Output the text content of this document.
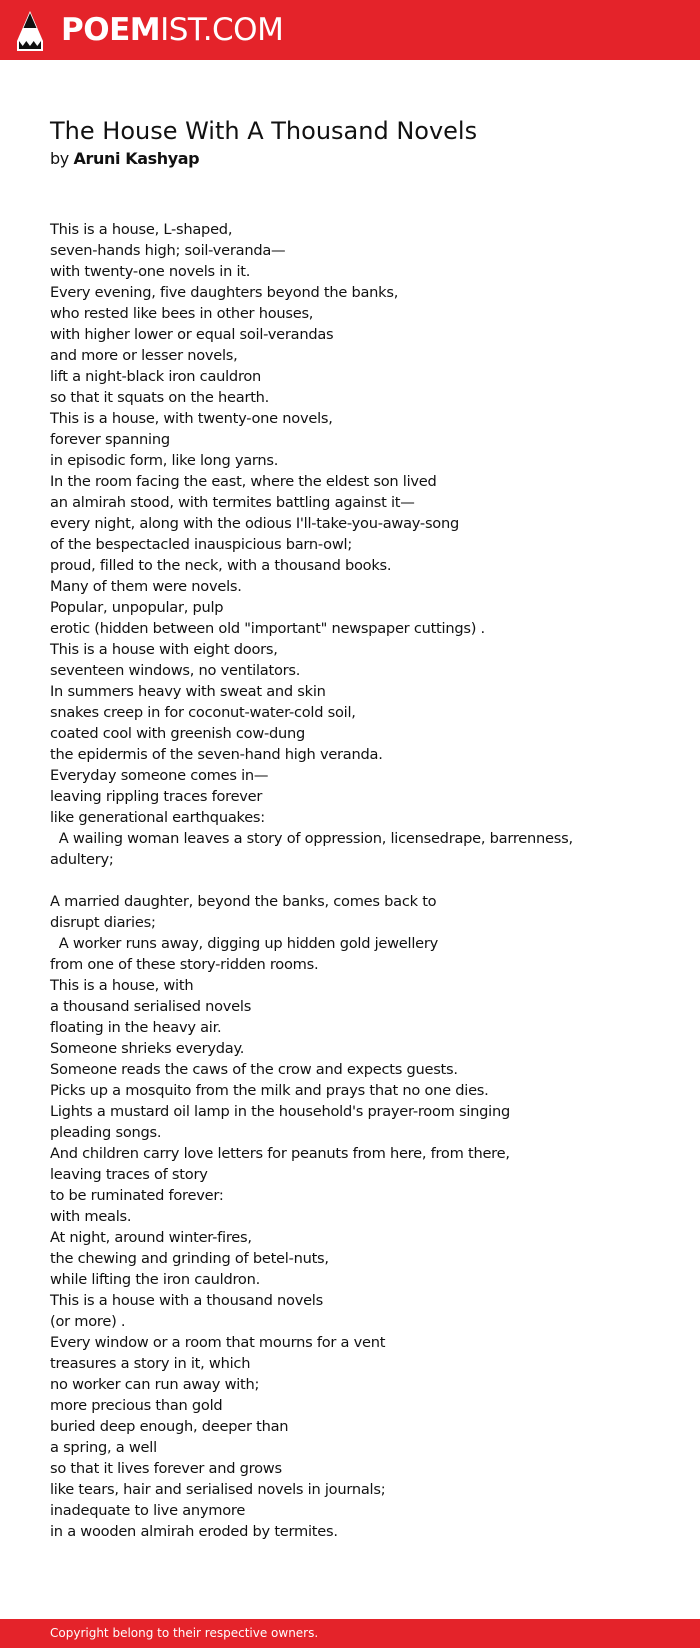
POEMIST.COM
The House With A Thousand Novels
by Aruni Kashyap
This is a house, L-shaped,
seven-hands high; soil-veranda—
with twenty-one novels in it.
Every evening, five daughters beyond the banks,
who rested like bees in other houses,
with higher lower or equal soil-verandas
and more or lesser novels,
lift a night-black iron cauldron
so that it squats on the hearth.
This is a house, with twenty-one novels,
forever spanning
in episodic form, like long yarns.
In the room facing the east, where the eldest son lived
an almirah stood, with termites battling against it—
every night, along with the odious I'll-take-you-away-song
of the bespectacled inauspicious barn-owl;
proud, filled to the neck, with a thousand books.
Many of them were novels.
Popular, unpopular, pulp
erotic (hidden between old "important" newspaper cuttings) .
This is a house with eight doors,
seventeen windows, no ventilators.
In summers heavy with sweat and skin
snakes creep in for coconut-water-cold soil,
coated cool with greenish cow-dung
the epidermis of the seven-hand high veranda.
Everyday someone comes in—
leaving rippling traces forever
like generational earthquakes:
A wailing woman leaves a story of oppression, licensedrape, barrenness,
adultery;
A married daughter, beyond the banks, comes back to
disrupt diaries;
A worker runs away, digging up hidden gold jewellery
from one of these story-ridden rooms.
This is a house, with
a thousand serialised novels
floating in the heavy air.
Someone shrieks everyday.
Someone reads the caws of the crow and expects guests.
Picks up a mosquito from the milk and prays that no one dies.
Lights a mustard oil lamp in the household's prayer-room singing
pleading songs.
And children carry love letters for peanuts from here, from there,
leaving traces of story
to be ruminated forever:
with meals.
At night, around winter-fires,
the chewing and grinding of betel-nuts,
while lifting the iron cauldron.
This is a house with a thousand novels
(or more) .
Every window or a room that mourns for a vent
treasures a story in it, which
no worker can run away with;
more precious than gold
buried deep enough, deeper than
a spring, a well
so that it lives forever and grows
like tears, hair and serialised novels in journals;
inadequate to live anymore
in a wooden almirah eroded by termites.
Copyright belong to their respective owners.
